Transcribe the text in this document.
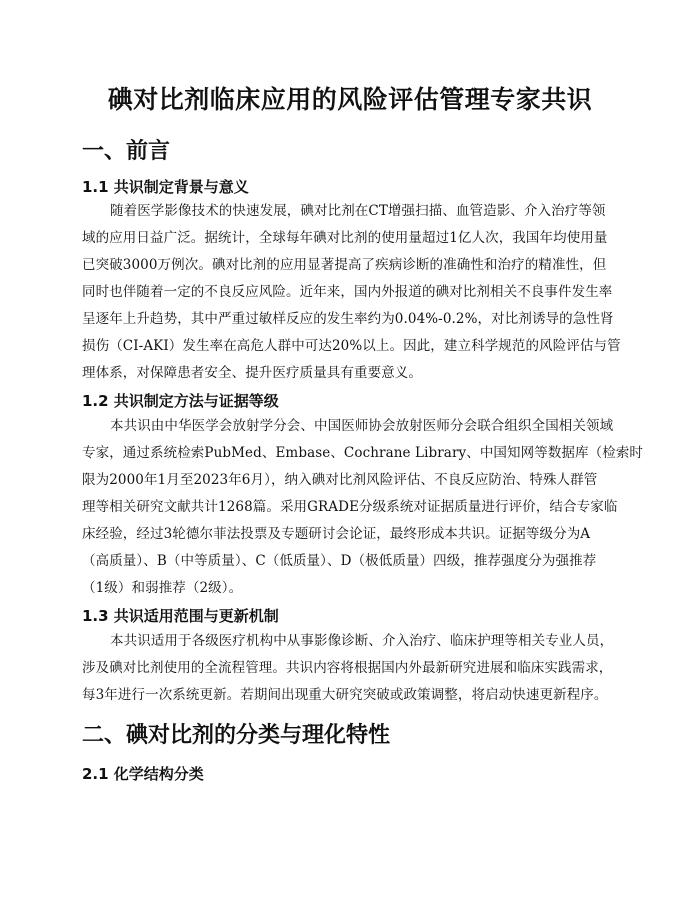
碘对比剂临床应用的风险评估管理专家共识
一、前言
1.1 共识制定背景与意义
随着医学影像技术的快速发展，碘对比剂在CT增强扫描、血管造影、介入治疗等领
域的应用日益广泛。据统计，全球每年碘对比剂的使用量超过1亿人次，我国年均使用量
已突破3000万例次。碘对比剂的应用显著提高了疾病诊断的准确性和治疗的精准性，但
同时也伴随着一定的不良反应风险。近年来，国内外报道的碘对比剂相关不良事件发生率
呈逐年上升趋势，其中严重过敏样反应的发生率约为0.04%-0.2%，对比剂诱导的急性肾
损伤（CI-AKI）发生率在高危人群中可达20%以上。因此，建立科学规范的风险评估与管
理体系，对保障患者安全、提升医疗质量具有重要意义。
1.2 共识制定方法与证据等级
本共识由中华医学会放射学分会、中国医师协会放射医师分会联合组织全国相关领域
专家，通过系统检索PubMed、Embase、Cochrane Library、中国知网等数据库（检索时
限为2000年1月至2023年6月），纳入碘对比剂风险评估、不良反应防治、特殊人群管
理等相关研究文献共计1268篇。采用GRADE分级系统对证据质量进行评价，结合专家临
床经验，经过3轮德尔菲法投票及专题研讨会论证，最终形成本共识。证据等级分为A
（高质量）、B（中等质量）、C（低质量）、D（极低质量）四级，推荐强度分为强推荐
（1级）和弱推荐（2级）。
1.3 共识适用范围与更新机制
本共识适用于各级医疗机构中从事影像诊断、介入治疗、临床护理等相关专业人员，
涉及碘对比剂使用的全流程管理。共识内容将根据国内外最新研究进展和临床实践需求，
每3年进行一次系统更新。若期间出现重大研究突破或政策调整，将启动快速更新程序。
二、碘对比剂的分类与理化特性
2.1 化学结构分类
